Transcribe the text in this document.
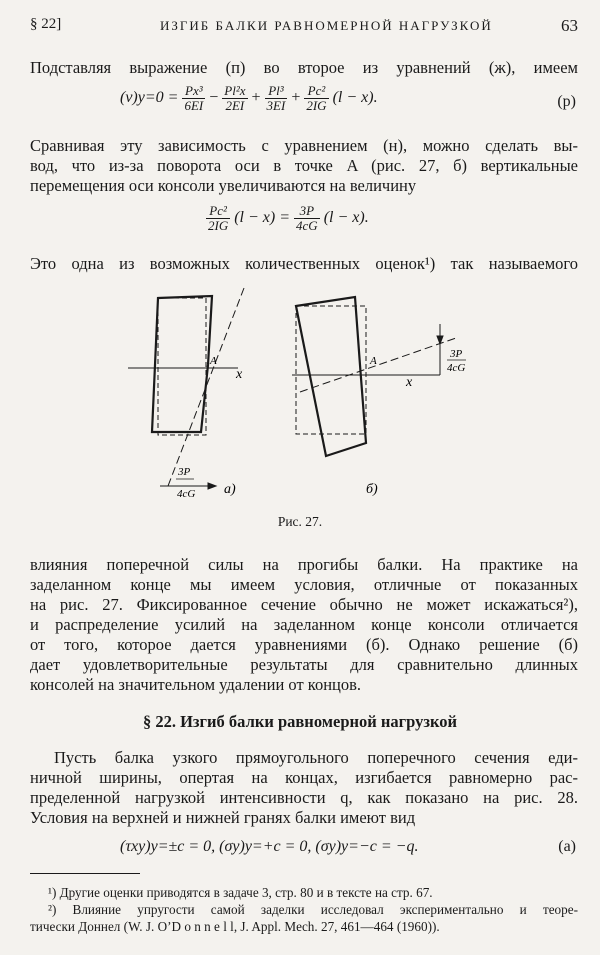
§ 22]	ИЗГИБ БАЛКИ РАВНОМЕРНОЙ НАГРУЗКОЙ	63
Подставляя выражение (п) во второе из уравнений (ж), имеем
$(v)y=0 = \frac{\text{Px³}}{6EI} - \frac{\text{Pl²x}}{2EI} + \frac{\text{Pl³}}{3EI} + \frac{\text{Pc²}}{2IG} (l - x)$.	(р)
Сравнивая эту зависимость с уравнением (н), можно сделать вы-
вод, что из-за поворота оси в точке A (рис. 27, б) вертикальные
перемещения оси консоли увеличиваются на величину
$\frac{\text{Pc²}}{2IG} (l - x) = \frac{3P}{4cG} (l - x)$.
Это одна из возможных количественных оценок¹) так называемого
A
x
3P
4cG а)
A
x
3P
4cG
б)
Рис. 27.
влияния поперечной силы на прогибы балки. На практике на
заделанном конце мы имеем условия, отличные от показанных
на рис. 27. Фиксированное сечение обычно не может искажаться²),
и распределение усилий на заделанном конце консоли отличается
от того, которое дается уравнениями (б). Однако решение (б)
дает удовлетворительные результаты для сравнительно длинных
консолей на значительном удалении от концов.
§ 22. Изгиб балки равномерной нагрузкой
Пусть балка узкого прямоугольного поперечного сечения еди-
ничной ширины, опертая на концах, изгибается равномерно рас-
пределенной нагрузкой интенсивности q, как показано на рис. 28.
Условия на верхней и нижней гранях балки имеют вид
(τxy)y=±c = 0, (σy)y=+c = 0, (σy)y=−c = −q.	(а)
¹) Другие оценки приводятся в задаче 3, стр. 80 и в тексте на стр. 67.
²) Влияние упругости самой заделки исследовал экспериментально и теоре-
тически Доннел (W. J. O’D o n n e l l, J. Appl. Mech. 27, 461—464 (1960)).
